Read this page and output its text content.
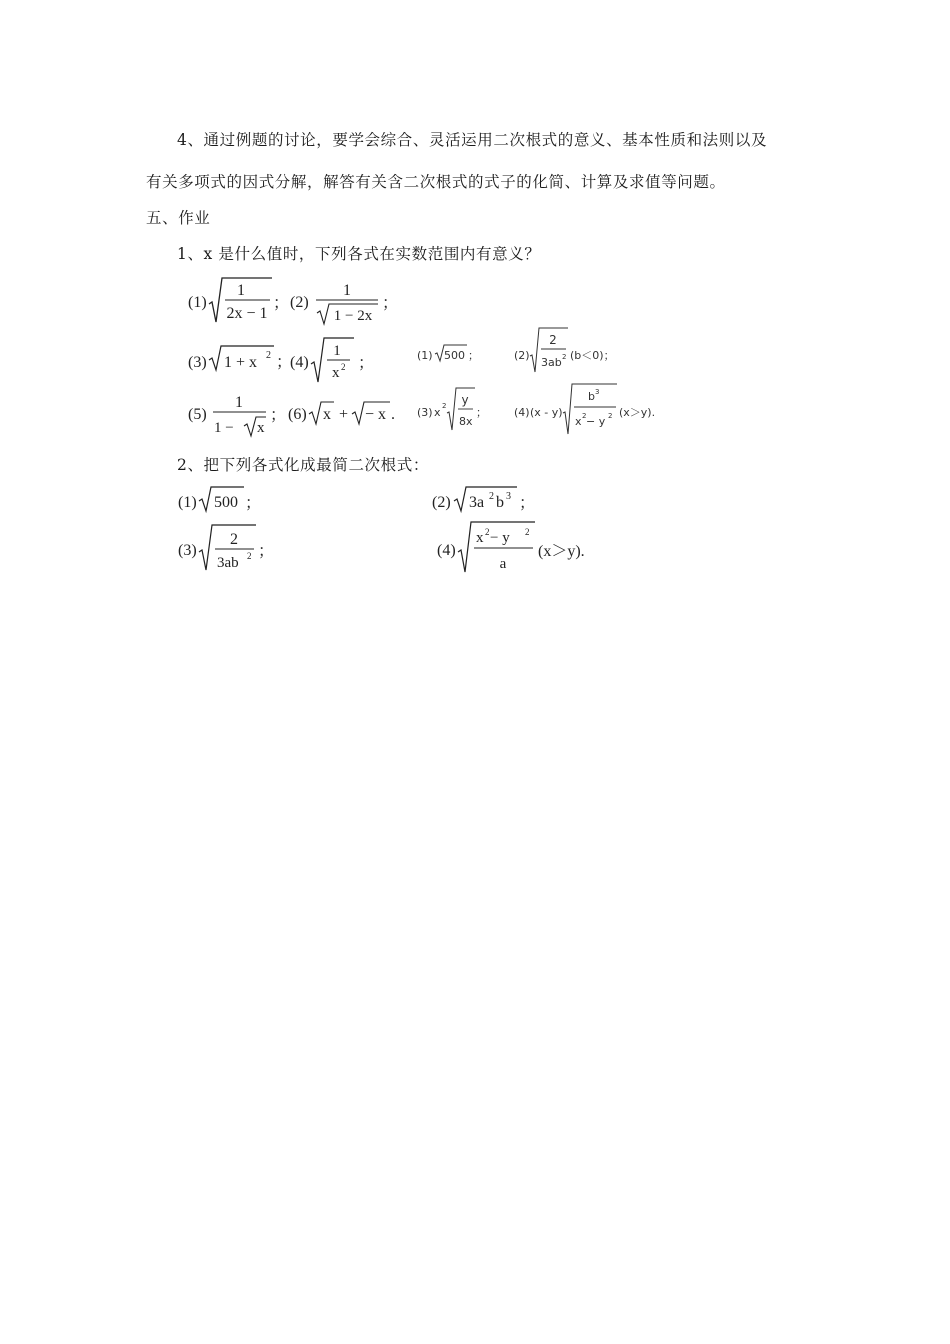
4、通过例题的讨论，要学会综合、灵活运用二次根式的意义、基本性质和法则以及
有关多项式的因式分解，解答有关含二次根式的式子的化简、计算及求值等问题。
五、作业
1、x 是什么值时，下列各式在实数范围内有意义？
(1)
1
2x − 1
； (2)
1
1 − 2x
；
(3) 1 + x 2 ；
(4)
1
x 2 ；
(5)
1
1 − x
； (6) x + − x .
(1) 500 ；	(2)
2
3ab 2 (b＜0)；
(3) x 2 y
8x
； (4) (x - y)
b 3
x 2 − y 2 (x＞y).
2、把下列各式化成最简二次根式：
(1) 500 ；	(2) 3a 2 b 3 ；
(3)
2
3ab 2 ；	(4)
x 2 − y 2
a
(x＞y).
